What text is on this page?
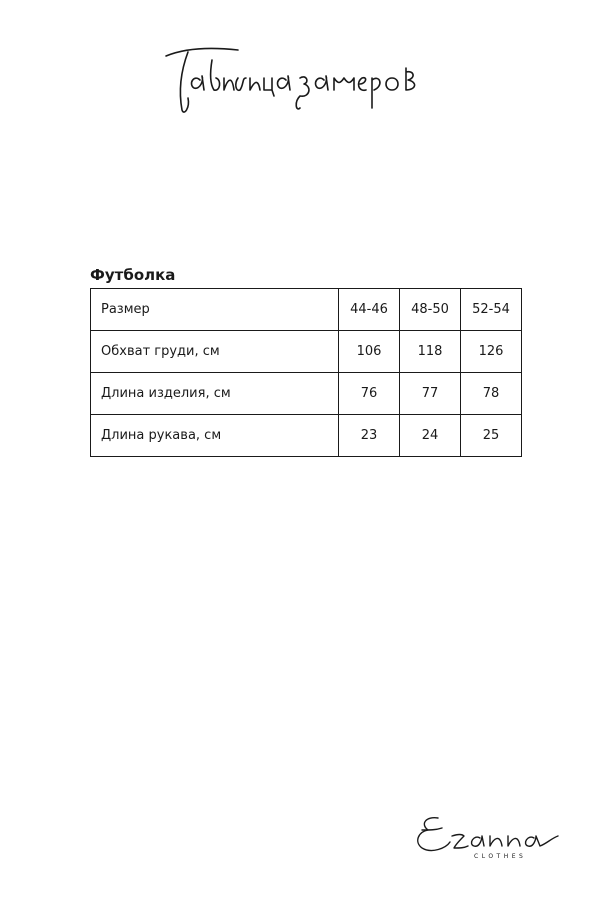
Футболка
Размер	44-46	48-50	52-54
Обхват груди, см	106	118	126
Длина изделия, см	76	77	78
Длина рукава, см	23	24	25
CLOTHES
